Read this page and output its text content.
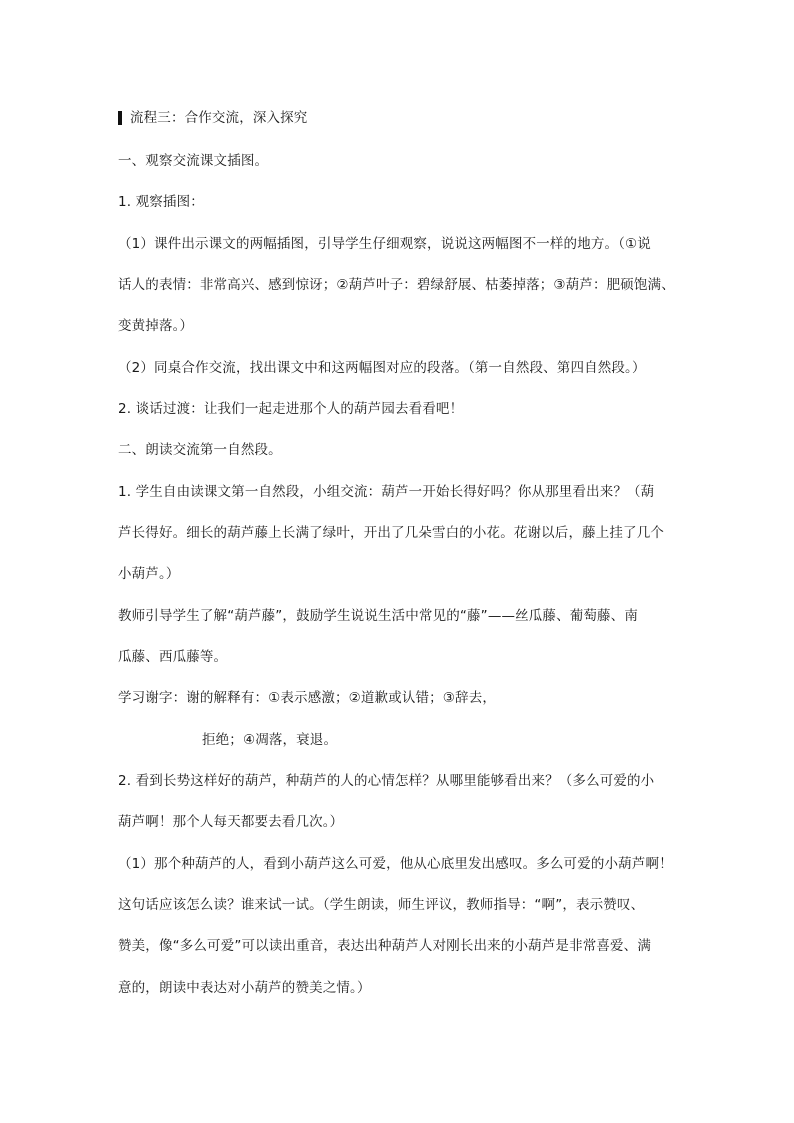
流程三：合作交流，深入探究
一、观察交流课文插图。
1. 观察插图：
（1）课件出示课文的两幅插图，引导学生仔细观察，说说这两幅图不一样的地方。（①说
话人的表情：非常高兴、感到惊讶；②葫芦叶子：碧绿舒展、枯萎掉落；③葫芦：肥硕饱满、
变黄掉落。）
（2）同桌合作交流，找出课文中和这两幅图对应的段落。（第一自然段、第四自然段。）
2. 谈话过渡：让我们一起走进那个人的葫芦园去看看吧！
二、朗读交流第一自然段。
1. 学生自由读课文第一自然段，小组交流：葫芦一开始长得好吗？你从那里看出来？（葫
芦长得好。细长的葫芦藤上长满了绿叶，开出了几朵雪白的小花。花谢以后，藤上挂了几个
小葫芦。）
教师引导学生了解“葫芦藤”，鼓励学生说说生活中常见的“藤”——丝瓜藤、葡萄藤、南
瓜藤、西瓜藤等。
学习谢字：谢的解释有：①表示感激；②道歉或认错；③辞去，
拒绝；④凋落，衰退。
2. 看到长势这样好的葫芦，种葫芦的人的心情怎样？从哪里能够看出来？（多么可爱的小
葫芦啊！那个人每天都要去看几次。）
（1）那个种葫芦的人，看到小葫芦这么可爱，他从心底里发出感叹。多么可爱的小葫芦啊！
这句话应该怎么读？谁来试一试。（学生朗读，师生评议，教师指导：“啊”，表示赞叹、
赞美，像“多么可爱”可以读出重音，表达出种葫芦人对刚长出来的小葫芦是非常喜爱、满
意的，朗读中表达对小葫芦的赞美之情。）
